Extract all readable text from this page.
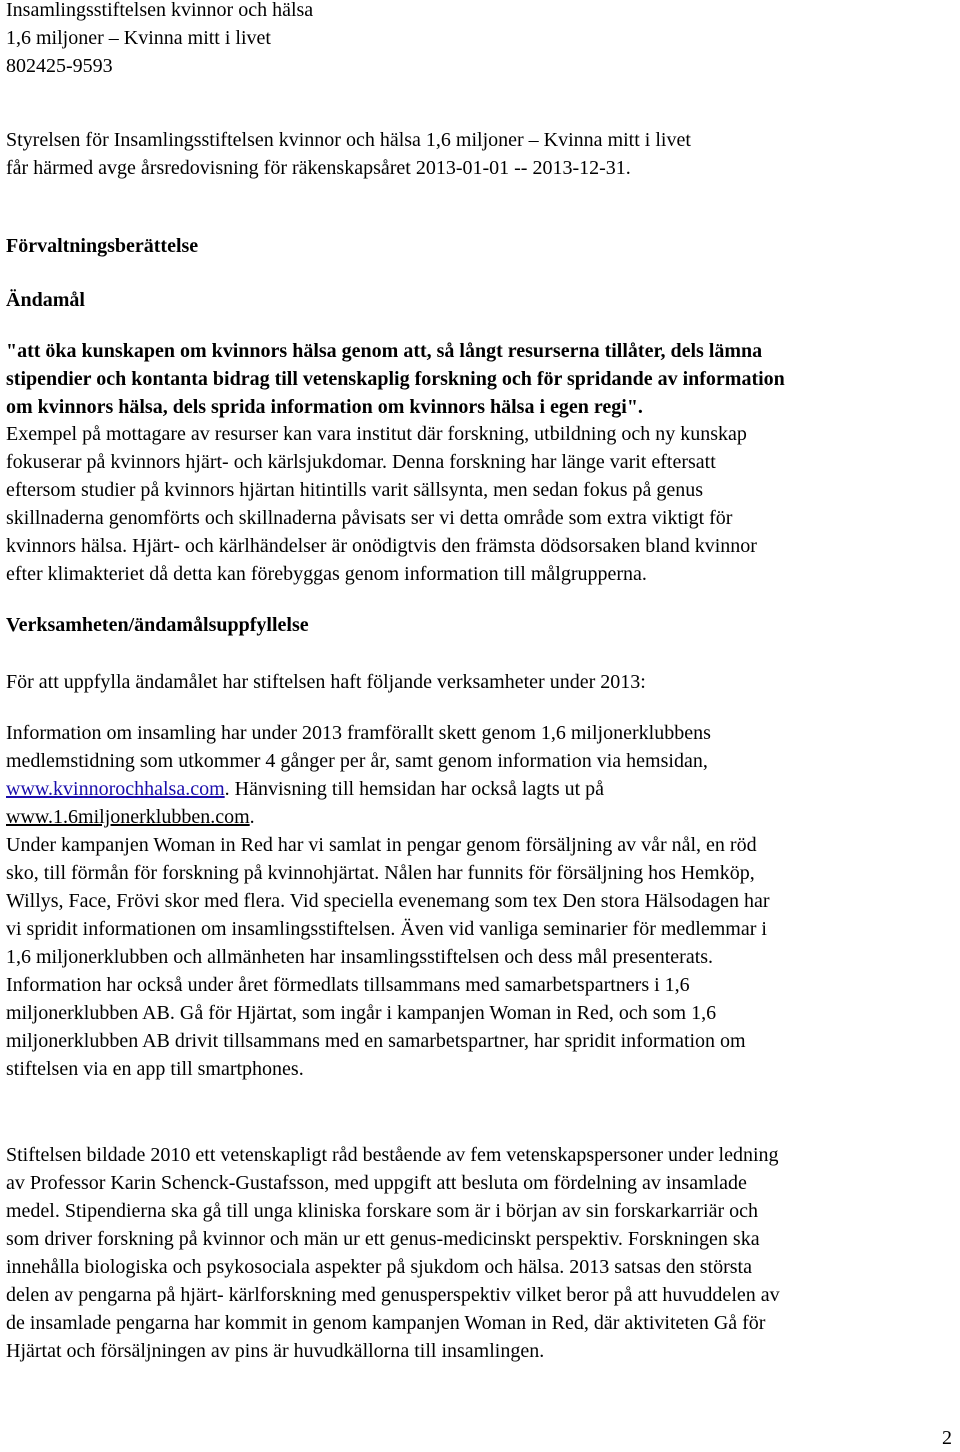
Insamlingsstiftelsen kvinnor och hälsa
1,6 miljoner – Kvinna mitt i livet
802425-9593
Styrelsen för Insamlingsstiftelsen kvinnor och hälsa 1,6 miljoner – Kvinna mitt i livet
får härmed avge årsredovisning för räkenskapsåret 2013-01-01 -- 2013-12-31.
Förvaltningsberättelse
Ändamål
"att öka kunskapen om kvinnors hälsa genom att, så långt resurserna tillåter, dels lämna
stipendier och kontanta bidrag till vetenskaplig forskning och för spridande av information
om kvinnors hälsa, dels sprida information om kvinnors hälsa i egen regi".
Exempel på mottagare av resurser kan vara institut där forskning, utbildning och ny kunskap
fokuserar på kvinnors hjärt- och kärlsjukdomar. Denna forskning har länge varit eftersatt
eftersom studier på kvinnors hjärtan hitintills varit sällsynta, men sedan fokus på genus
skillnaderna genomförts och skillnaderna påvisats ser vi detta område som extra viktigt för
kvinnors hälsa. Hjärt- och kärlhändelser är onödigtvis den främsta dödsorsaken bland kvinnor
efter klimakteriet då detta kan förebyggas genom information till målgrupperna.
Verksamheten/ändamålsuppfyllelse
För att uppfylla ändamålet har stiftelsen haft följande verksamheter under 2013:
Information om insamling har under 2013 framförallt skett genom 1,6 miljonerklubbens
medlemstidning som utkommer 4 gånger per år, samt genom information via hemsidan,
www.kvinnorochhalsa.com. Hänvisning till hemsidan har också lagts ut på
www.1.6miljonerklubben.com.
Under kampanjen Woman in Red har vi samlat in pengar genom försäljning av vår nål, en röd
sko, till förmån för forskning på kvinnohjärtat. Nålen har funnits för försäljning hos Hemköp,
Willys, Face, Frövi skor med flera. Vid speciella evenemang som tex Den stora Hälsodagen har
vi spridit informationen om insamlingsstiftelsen. Även vid vanliga seminarier för medlemmar i
1,6 miljonerklubben och allmänheten har insamlingsstiftelsen och dess mål presenterats.
Information har också under året förmedlats tillsammans med samarbetspartners i 1,6
miljonerklubben AB. Gå för Hjärtat, som ingår i kampanjen Woman in Red, och som 1,6
miljonerklubben AB drivit tillsammans med en samarbetspartner, har spridit information om
stiftelsen via en app till smartphones.
Stiftelsen bildade 2010 ett vetenskapligt råd bestående av fem vetenskapspersoner under ledning
av Professor Karin Schenck-Gustafsson, med uppgift att besluta om fördelning av insamlade
medel. Stipendierna ska gå till unga kliniska forskare som är i början av sin forskarkarriär och
som driver forskning på kvinnor och män ur ett genus-medicinskt perspektiv. Forskningen ska
innehålla biologiska och psykosociala aspekter på sjukdom och hälsa. 2013 satsas den största
delen av pengarna på hjärt- kärlforskning med genusperspektiv vilket beror på att huvuddelen av
de insamlade pengarna har kommit in genom kampanjen Woman in Red, där aktiviteten Gå för
Hjärtat och försäljningen av pins är huvudkällorna till insamlingen.
2
